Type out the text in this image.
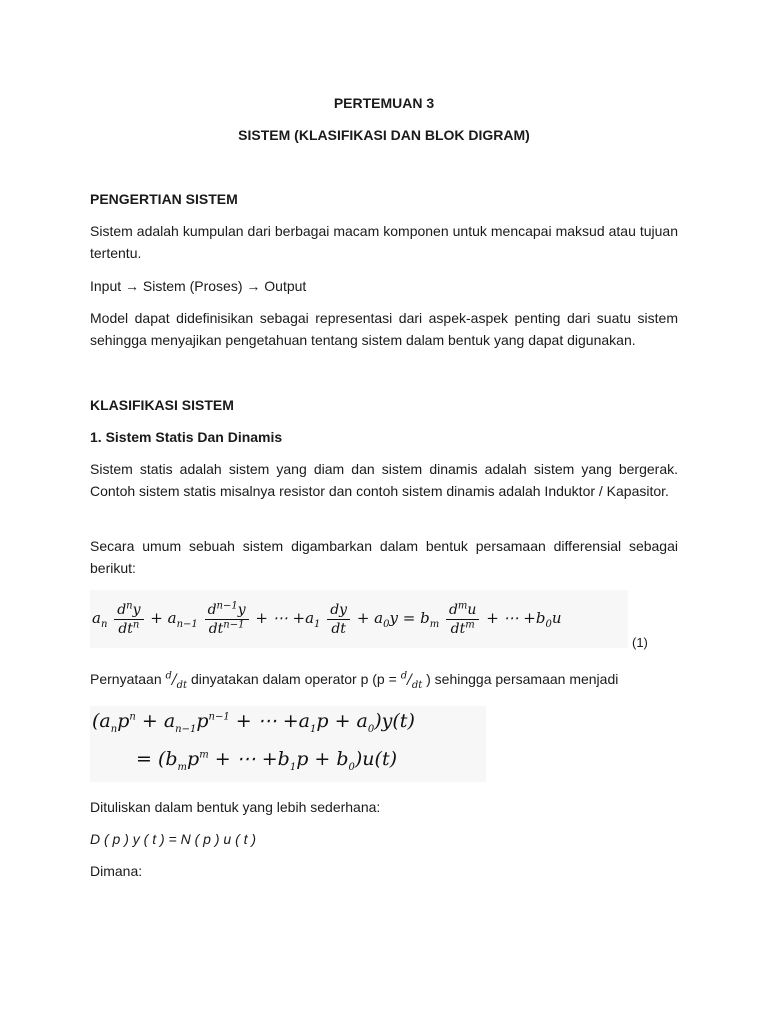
PERTEMUAN 3
SISTEM (KLASIFIKASI DAN BLOK DIGRAM)
PENGERTIAN SISTEM
Sistem adalah kumpulan dari berbagai macam komponen untuk mencapai maksud atau tujuan tertentu.
Input → Sistem (Proses) → Output
Model dapat didefinisikan sebagai representasi dari aspek-aspek penting dari suatu sistem sehingga menyajikan pengetahuan tentang sistem dalam bentuk yang dapat digunakan.
KLASIFIKASI SISTEM
1. Sistem Statis Dan Dinamis
Sistem statis adalah sistem yang diam dan sistem dinamis adalah sistem yang bergerak. Contoh sistem statis misalnya resistor dan contoh sistem dinamis adalah Induktor / Kapasitor.
Secara umum sebuah sistem digambarkan dalam bentuk persamaan differensial sebagai berikut:
$a_n \frac{d^ny}{dt^n} + a_{n-1} \frac{d^{n-1}y}{dt^{n-1}}$ + ⋯ $+a_1 \frac{dy}{dt} + a_0y = b_m \frac{d^mu}{dt^m}$ + ⋯ $+b_0u$
(1)
Pernyataan $^d/_{dt}$ dinyatakan dalam operator p ($p = ^d/_{dt}$ ) sehingga persamaan menjadi
($a_np^n + a_{n-1}p^{n-1}$ + ⋯ $+a_1p + a_0)y(t)$
= ($b_mp^m$ + ⋯ $+b_1p + b_0)u(t)$
Dituliskan dalam bentuk yang lebih sederhana:
D ( p ) y ( t ) = N ( p ) u ( t )
Dimana:
